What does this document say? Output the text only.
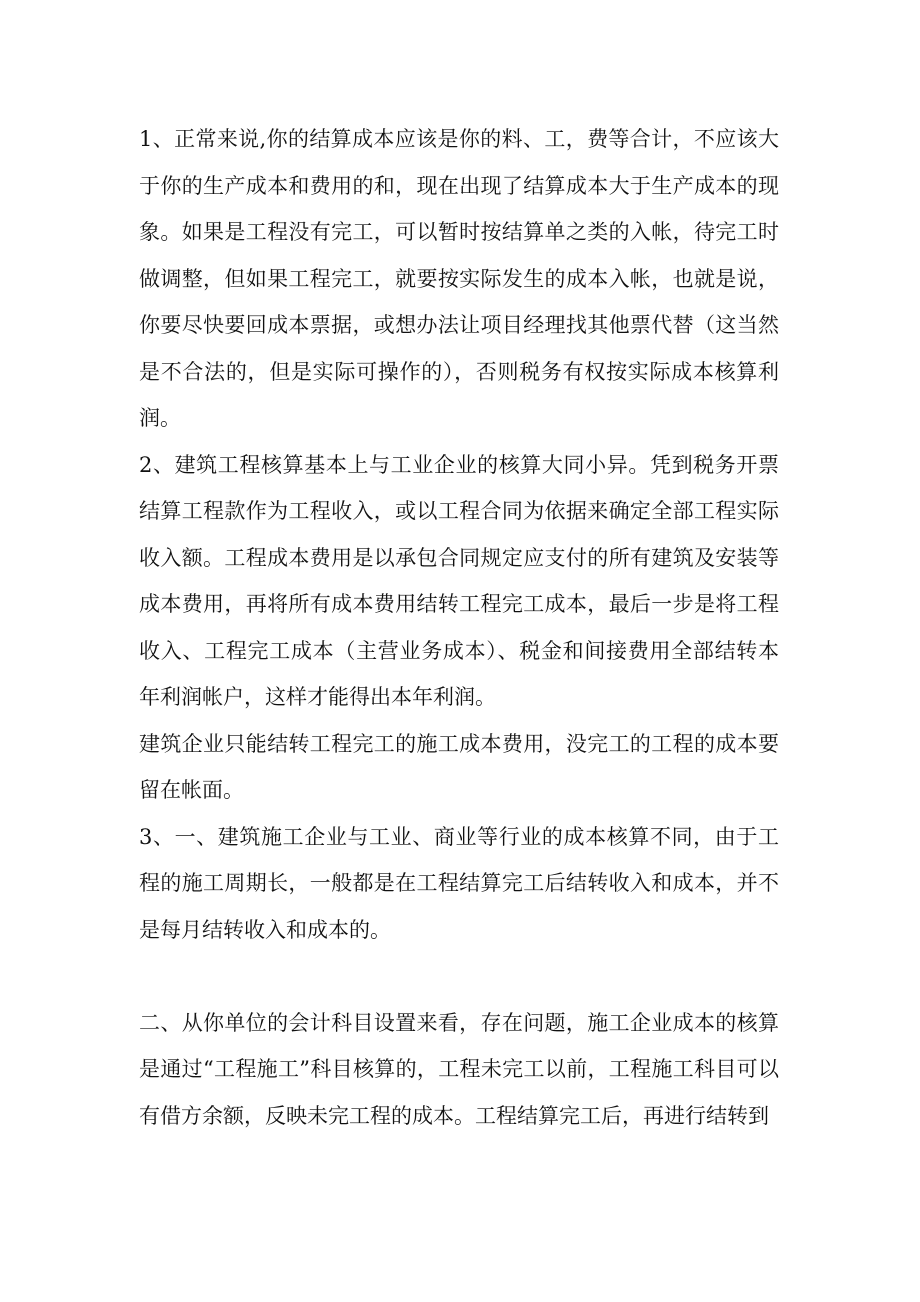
1、正常来说,你的结算成本应该是你的料、工，费等合计，不应该大于你的生产成本和费用的和，现在出现了结算成本大于生产成本的现象。如果是工程没有完工，可以暂时按结算单之类的入帐，待完工时做调整，但如果工程完工，就要按实际发生的成本入帐，也就是说，你要尽快要回成本票据，或想办法让项目经理找其他票代替（这当然是不合法的，但是实际可操作的），否则税务有权按实际成本核算利润。

2、建筑工程核算基本上与工业企业的核算大同小异。凭到税务开票结算工程款作为工程收入，或以工程合同为依据来确定全部工程实际收入额。工程成本费用是以承包合同规定应支付的所有建筑及安装等成本费用，再将所有成本费用结转工程完工成本，最后一步是将工程收入、工程完工成本（主营业务成本）、税金和间接费用全部结转本年利润帐户，这样才能得出本年利润。

建筑企业只能结转工程完工的施工成本费用，没完工的工程的成本要留在帐面。

3、一、建筑施工企业与工业、商业等行业的成本核算不同，由于工程的施工周期长，一般都是在工程结算完工后结转收入和成本，并不是每月结转收入和成本的。

二、从你单位的会计科目设置来看，存在问题，施工企业成本的核算是通过“工程施工”科目核算的，工程未完工以前，工程施工科目可以有借方余额，反映未完工程的成本。工程结算完工后，再进行结转到
